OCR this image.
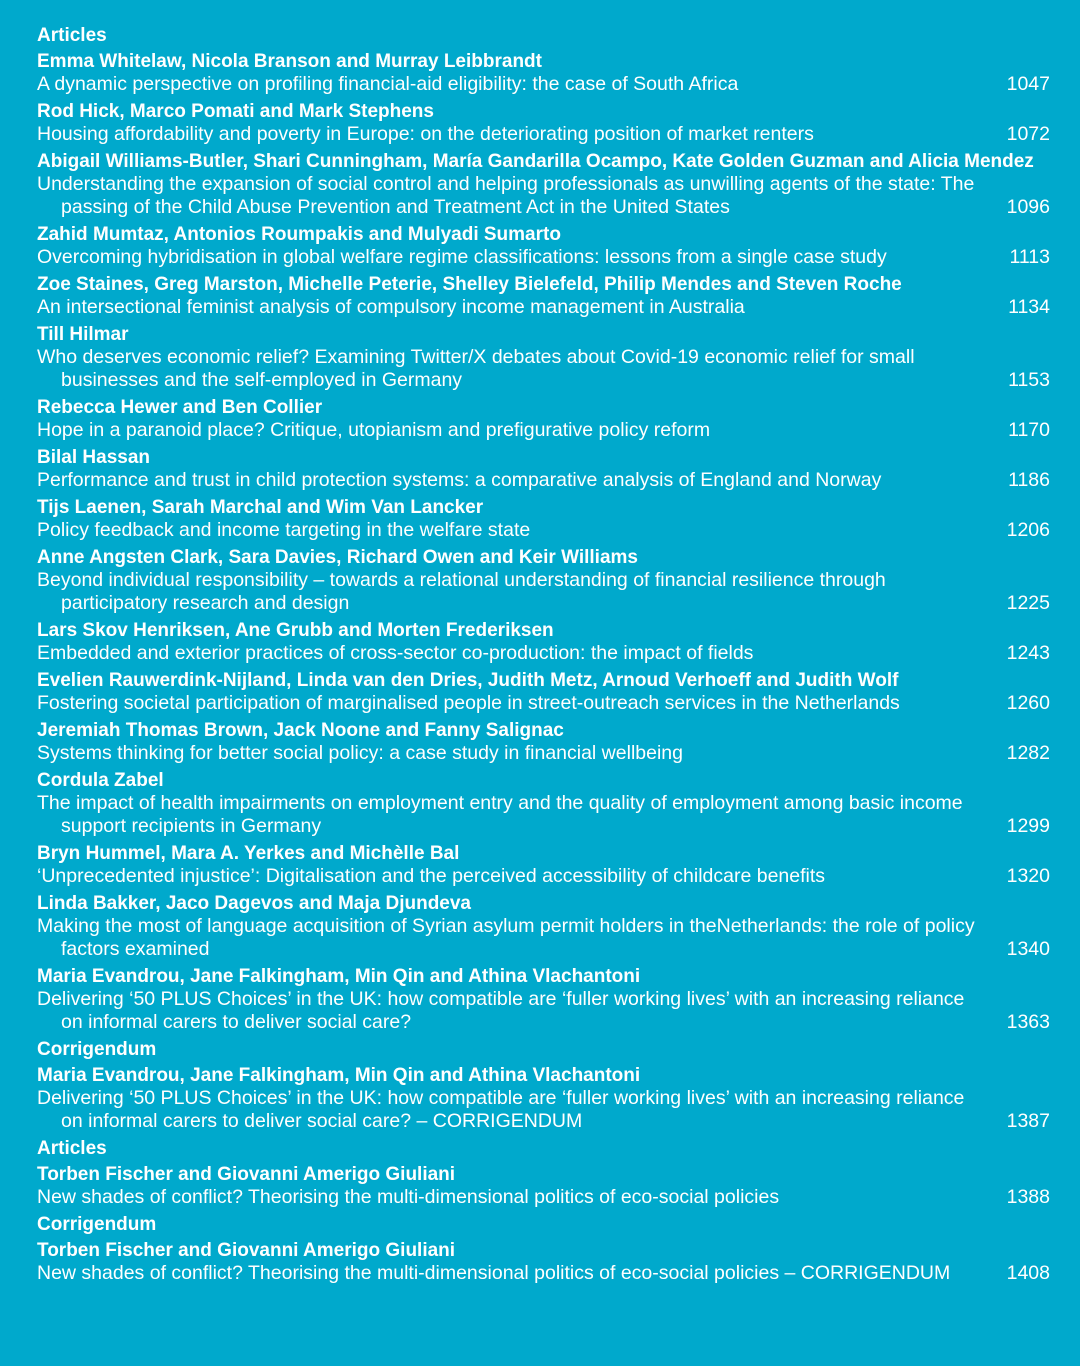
Articles
Emma Whitelaw, Nicola Branson and Murray Leibbrandt
A dynamic perspective on profiling financial-aid eligibility: the case of South Africa	1047
Rod Hick, Marco Pomati and Mark Stephens
Housing affordability and poverty in Europe: on the deteriorating position of market renters	1072
Abigail Williams-Butler, Shari Cunningham, María Gandarilla Ocampo, Kate Golden Guzman and Alicia Mendez
Understanding the expansion of social control and helping professionals as unwilling agents of the state: The passing of the Child Abuse Prevention and Treatment Act in the United States	1096
Zahid Mumtaz, Antonios Roumpakis and Mulyadi Sumarto
Overcoming hybridisation in global welfare regime classifications: lessons from a single case study	1113
Zoe Staines, Greg Marston, Michelle Peterie, Shelley Bielefeld, Philip Mendes and Steven Roche
An intersectional feminist analysis of compulsory income management in Australia	1134
Till Hilmar
Who deserves economic relief? Examining Twitter/X debates about Covid-19 economic relief for small businesses and the self-employed in Germany	1153
Rebecca Hewer and Ben Collier
Hope in a paranoid place? Critique, utopianism and prefigurative policy reform	1170
Bilal Hassan
Performance and trust in child protection systems: a comparative analysis of England and Norway	1186
Tijs Laenen, Sarah Marchal and Wim Van Lancker
Policy feedback and income targeting in the welfare state	1206
Anne Angsten Clark, Sara Davies, Richard Owen and Keir Williams
Beyond individual responsibility – towards a relational understanding of financial resilience through participatory research and design	1225
Lars Skov Henriksen, Ane Grubb and Morten Frederiksen
Embedded and exterior practices of cross-sector co-production: the impact of fields	1243
Evelien Rauwerdink-Nijland, Linda van den Dries, Judith Metz, Arnoud Verhoeff and Judith Wolf
Fostering societal participation of marginalised people in street-outreach services in the Netherlands	1260
Jeremiah Thomas Brown, Jack Noone and Fanny Salignac
Systems thinking for better social policy: a case study in financial wellbeing	1282
Cordula Zabel
The impact of health impairments on employment entry and the quality of employment among basic income support recipients in Germany	1299
Bryn Hummel, Mara A. Yerkes and Michèlle Bal
‘Unprecedented injustice’: Digitalisation and the perceived accessibility of childcare benefits	1320
Linda Bakker, Jaco Dagevos and Maja Djundeva
Making the most of language acquisition of Syrian asylum permit holders in theNetherlands: the role of policy factors examined	1340
Maria Evandrou, Jane Falkingham, Min Qin and Athina Vlachantoni
Delivering ‘50 PLUS Choices’ in the UK: how compatible are ‘fuller working lives’ with an increasing reliance on informal carers to deliver social care?	1363
Corrigendum
Maria Evandrou, Jane Falkingham, Min Qin and Athina Vlachantoni
Delivering ‘50 PLUS Choices’ in the UK: how compatible are ‘fuller working lives’ with an increasing reliance on informal carers to deliver social care? – CORRIGENDUM	1387
Articles
Torben Fischer and Giovanni Amerigo Giuliani
New shades of conflict? Theorising the multi-dimensional politics of eco-social policies	1388
Corrigendum
Torben Fischer and Giovanni Amerigo Giuliani
New shades of conflict? Theorising the multi-dimensional politics of eco-social policies – CORRIGENDUM	1408
